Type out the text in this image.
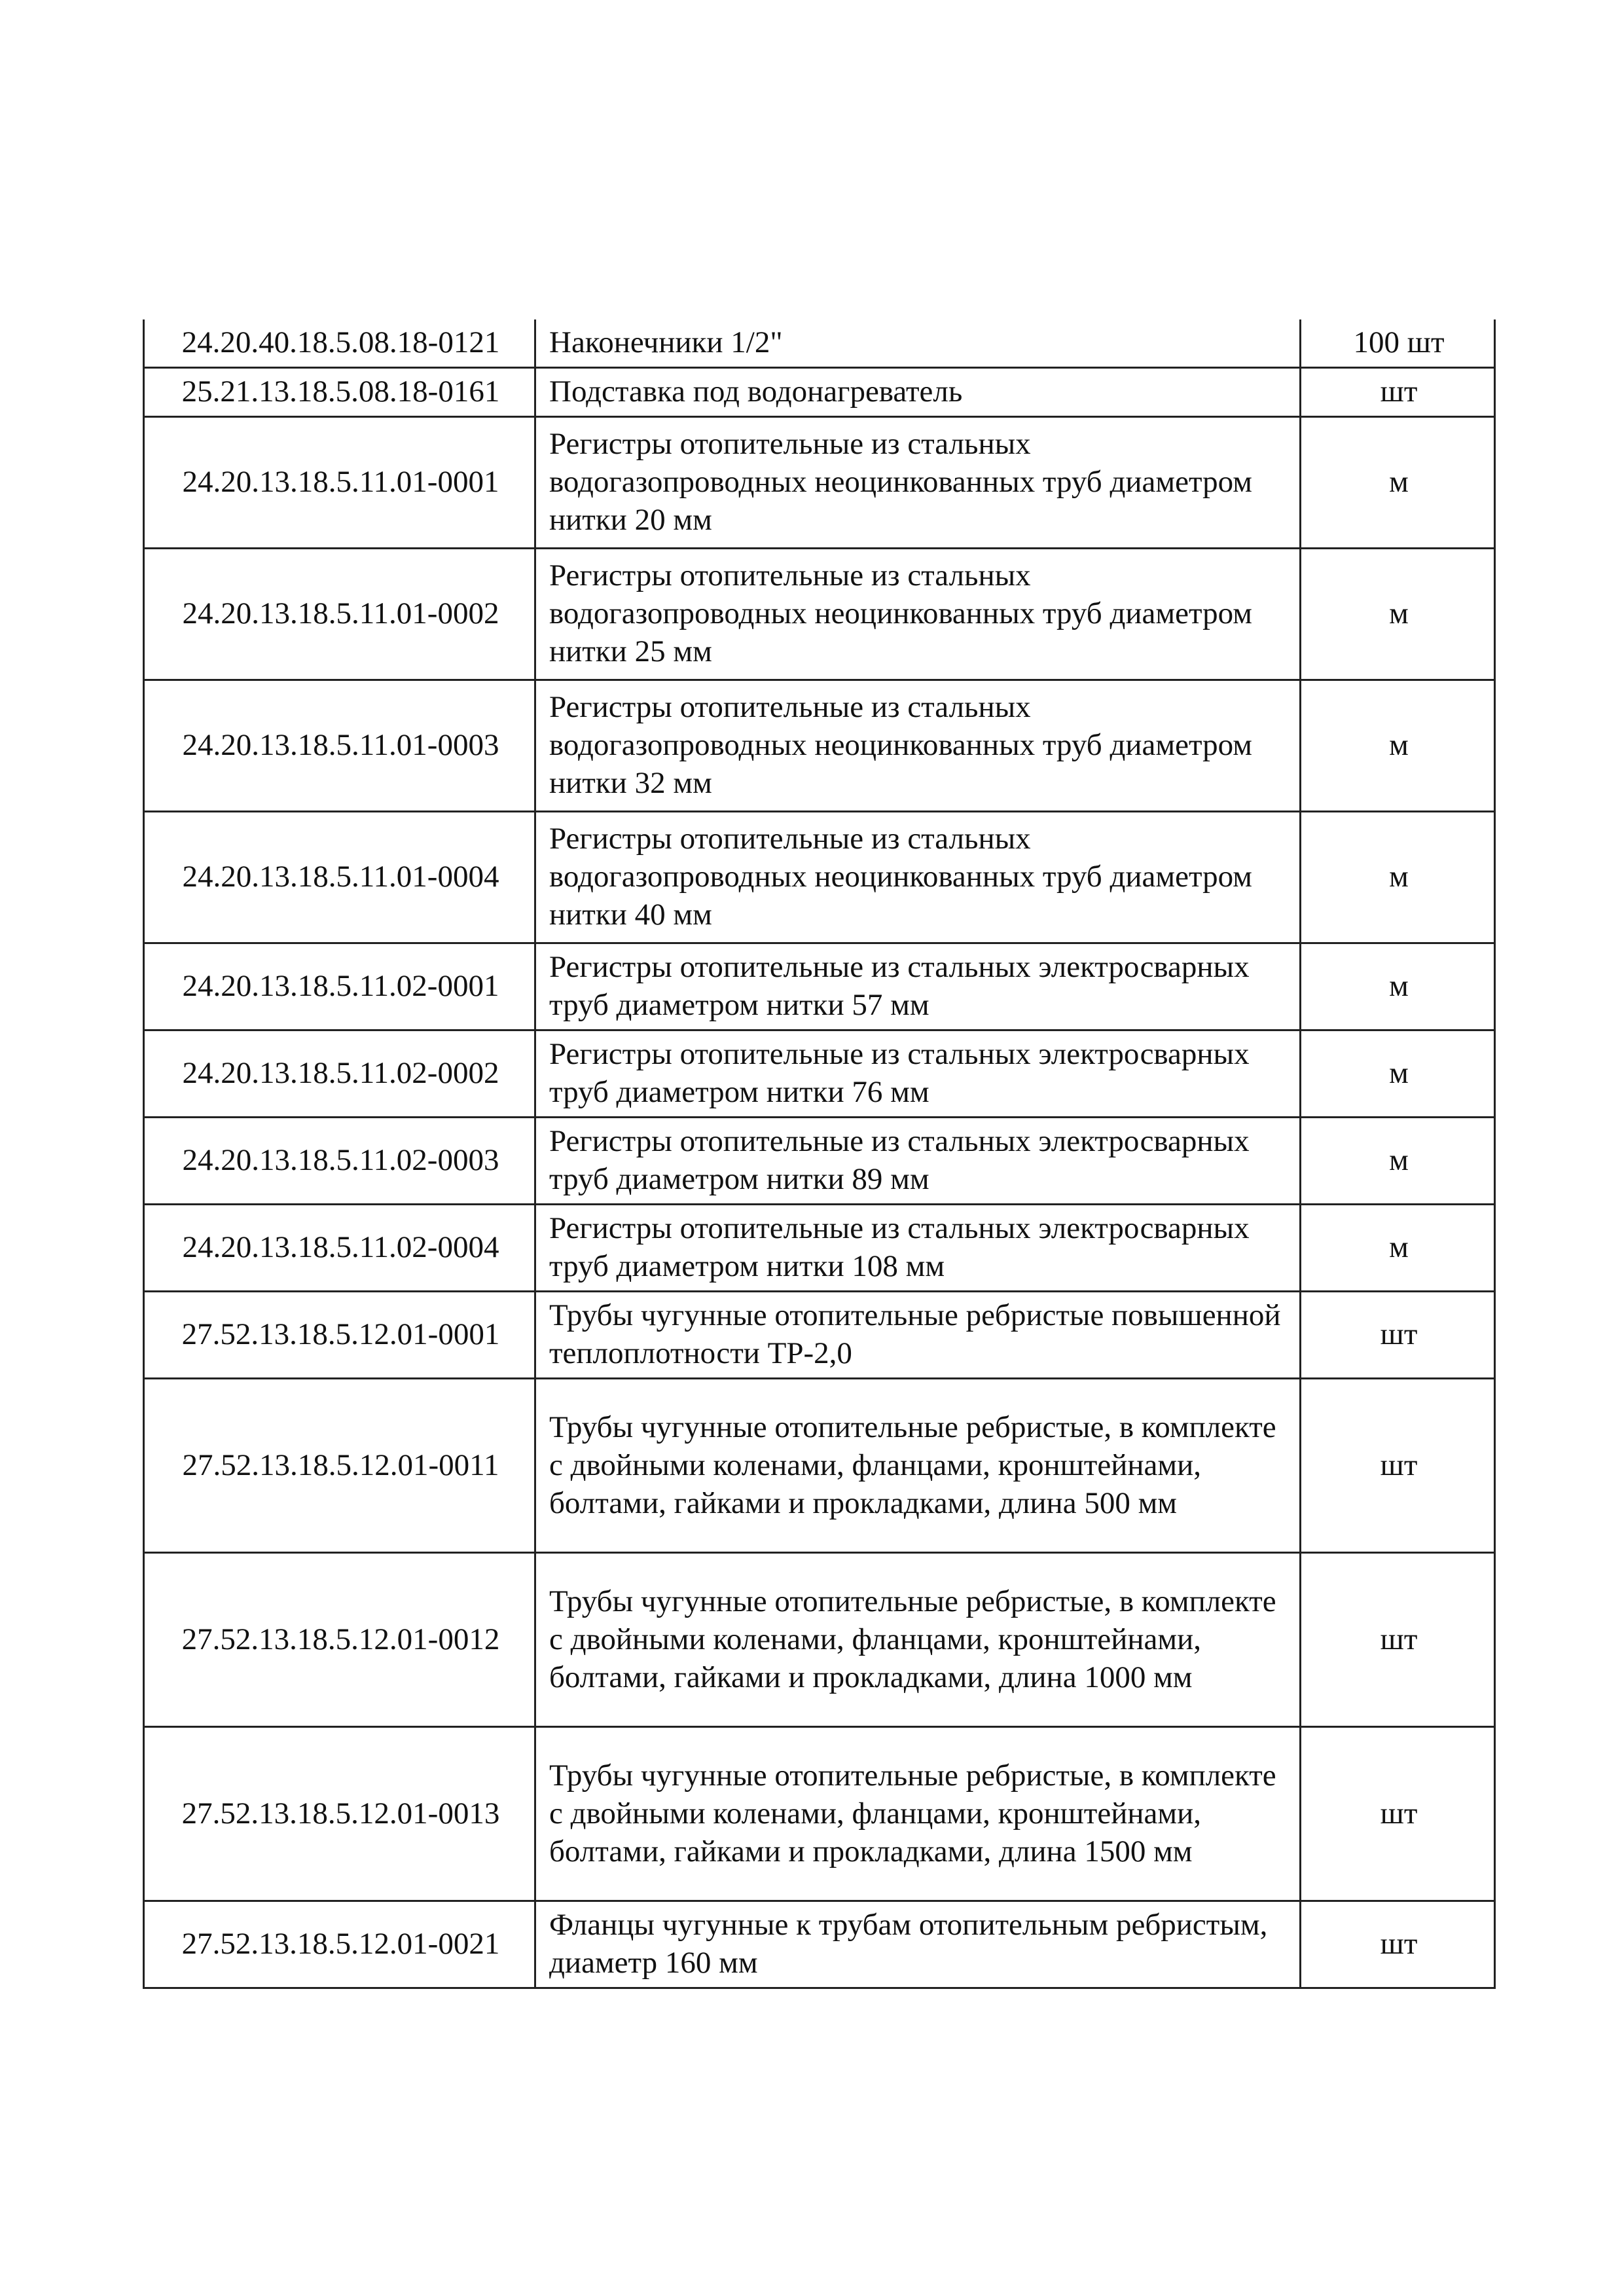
24.20.40.18.5.08.18-0121	Наконечники 1/2"	100 шт
25.21.13.18.5.08.18-0161	Подставка под водонагреватель	шт
24.20.13.18.5.11.01-0001	Регистры отопительные из стальных водогазопроводных неоцинкованных труб диаметром нитки 20 мм	м
24.20.13.18.5.11.01-0002	Регистры отопительные из стальных водогазопроводных неоцинкованных труб диаметром нитки 25 мм	м
24.20.13.18.5.11.01-0003	Регистры отопительные из стальных водогазопроводных неоцинкованных труб диаметром нитки 32 мм	м
24.20.13.18.5.11.01-0004	Регистры отопительные из стальных водогазопроводных неоцинкованных труб диаметром нитки 40 мм	м
24.20.13.18.5.11.02-0001	Регистры отопительные из стальных электросварных труб диаметром нитки 57 мм	м
24.20.13.18.5.11.02-0002	Регистры отопительные из стальных электросварных труб диаметром нитки 76 мм	м
24.20.13.18.5.11.02-0003	Регистры отопительные из стальных электросварных труб диаметром нитки 89 мм	м
24.20.13.18.5.11.02-0004	Регистры отопительные из стальных электросварных труб диаметром нитки 108 мм	м
27.52.13.18.5.12.01-0001	Трубы чугунные отопительные ребристые повышенной теплоплотности ТР-2,0	шт
27.52.13.18.5.12.01-0011	Трубы чугунные отопительные ребристые, в комплекте с двойными коленами, фланцами, кронштейнами, болтами, гайками и прокладками, длина 500 мм	шт
27.52.13.18.5.12.01-0012	Трубы чугунные отопительные ребристые, в комплекте с двойными коленами, фланцами, кронштейнами, болтами, гайками и прокладками, длина 1000 мм	шт
27.52.13.18.5.12.01-0013	Трубы чугунные отопительные ребристые, в комплекте с двойными коленами, фланцами, кронштейнами, болтами, гайками и прокладками, длина 1500 мм	шт
27.52.13.18.5.12.01-0021	Фланцы чугунные к трубам отопительным ребристым, диаметр 160 мм	шт
